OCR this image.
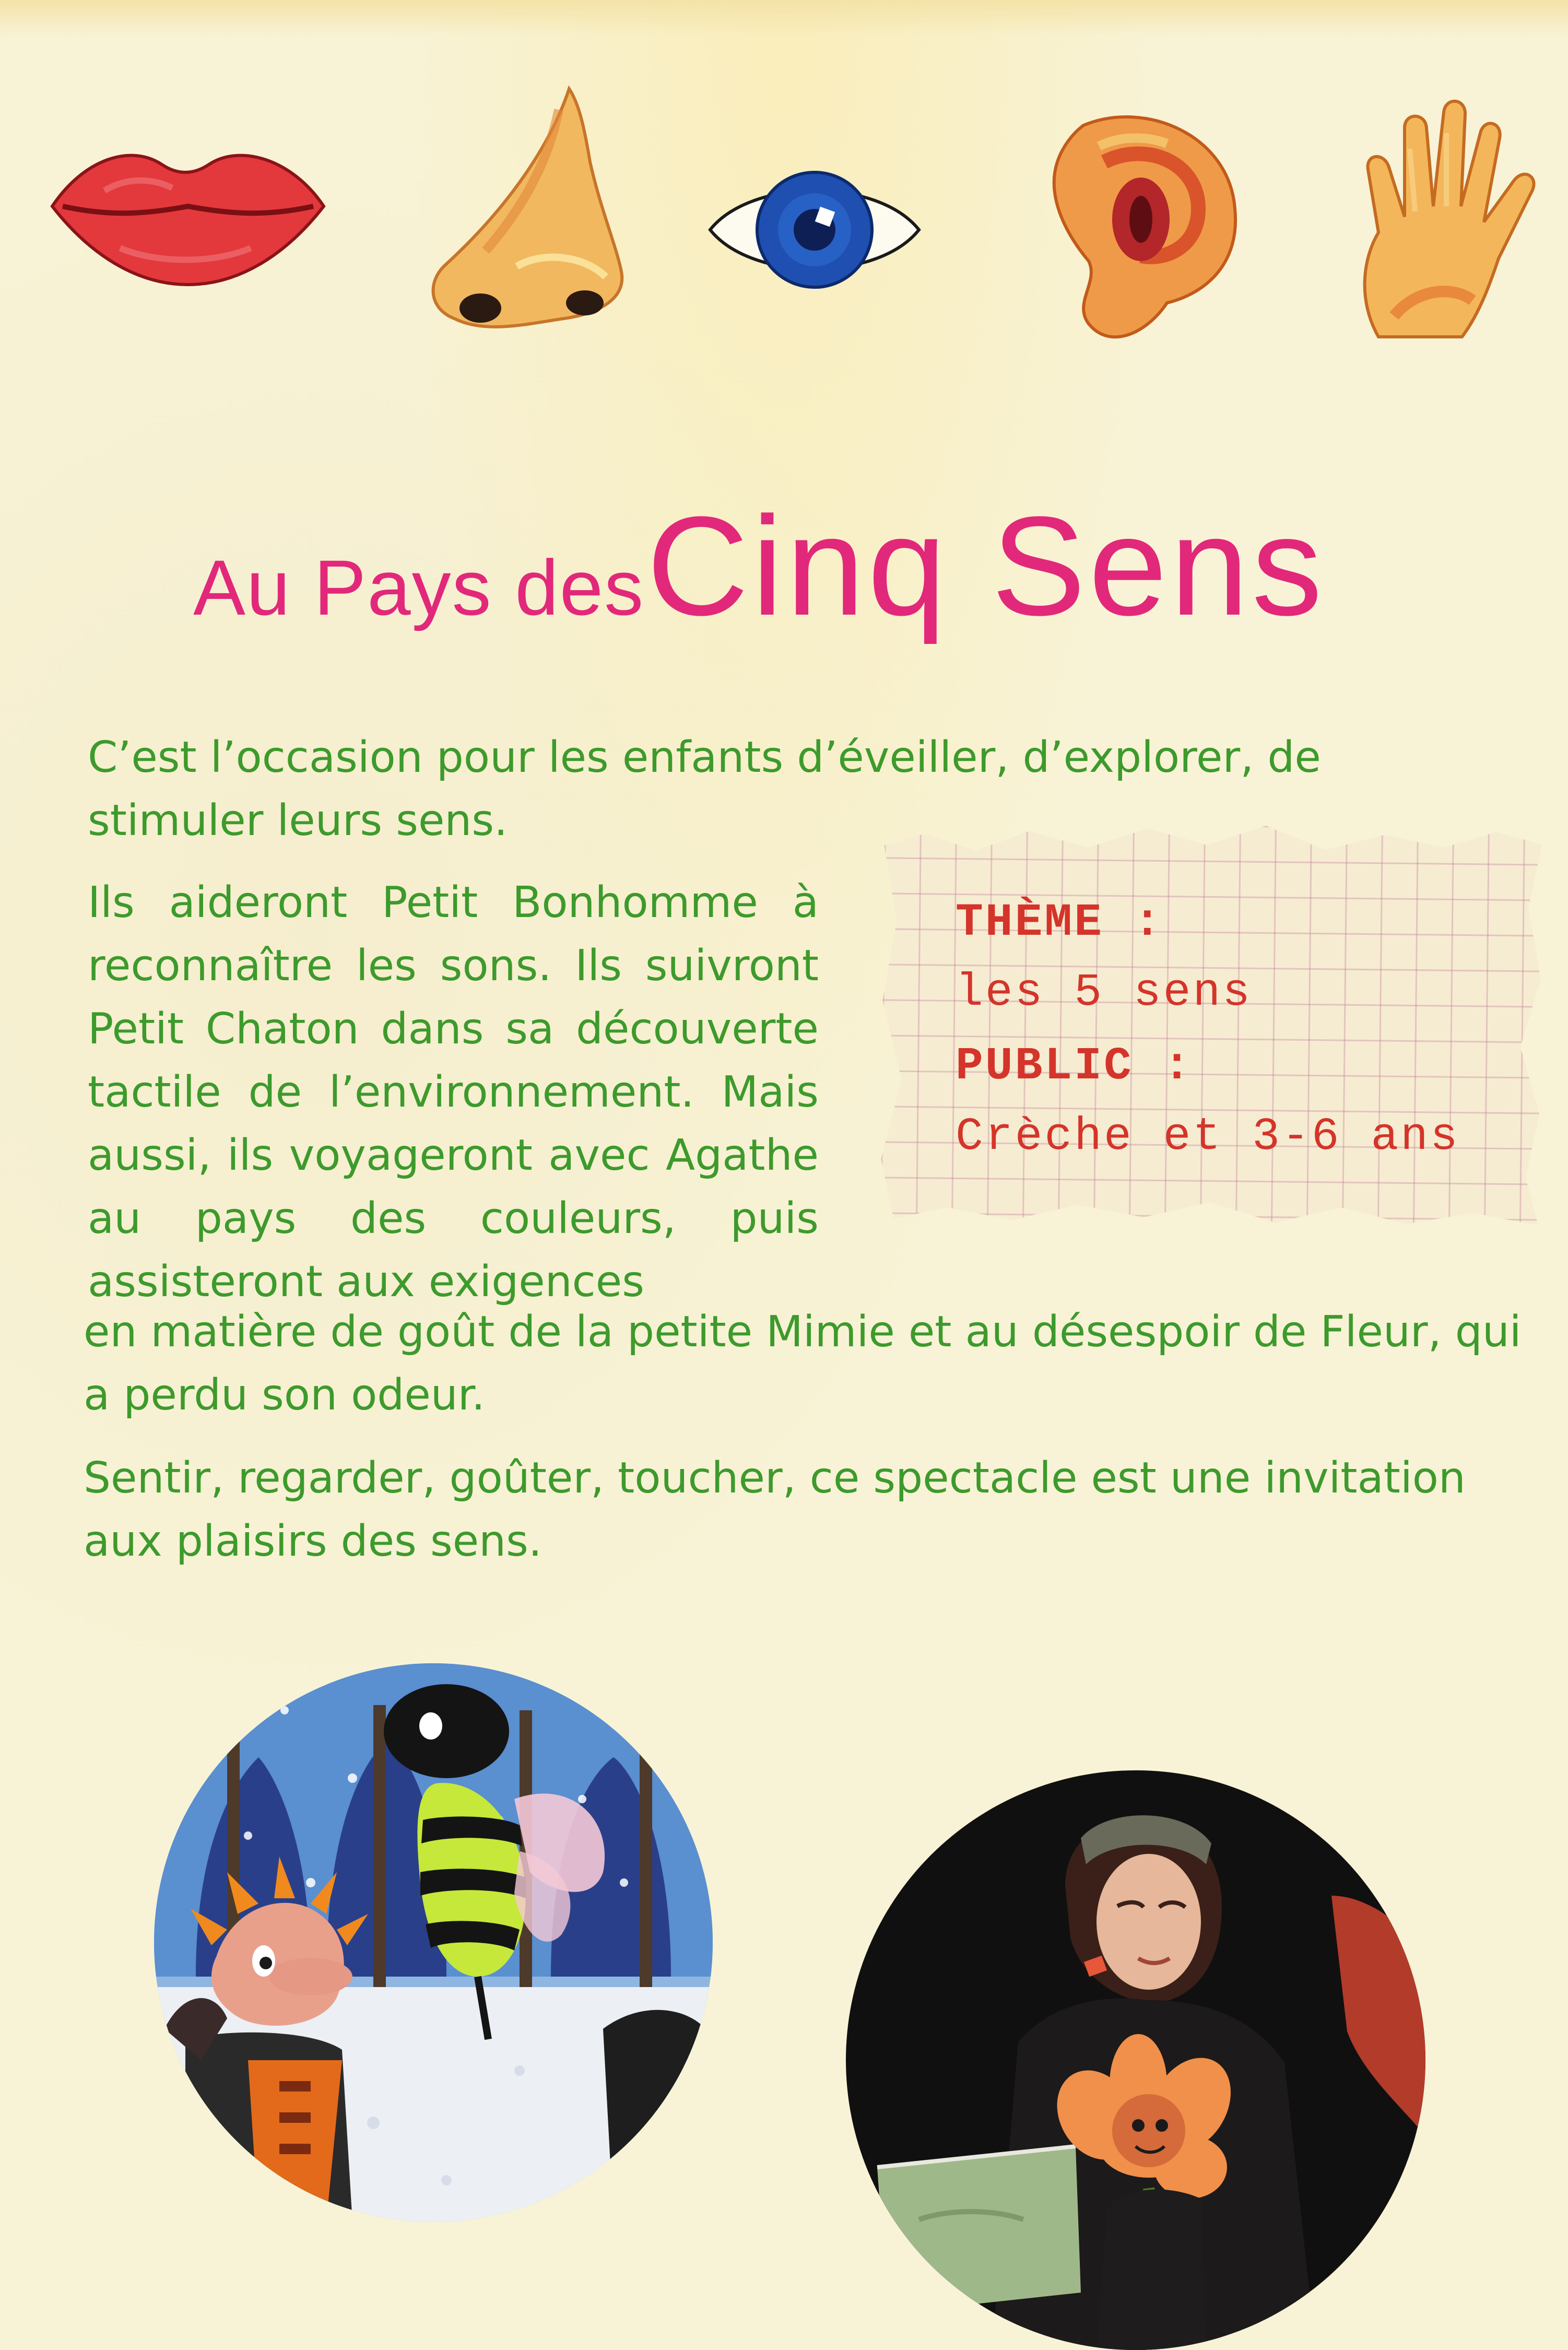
Au Pays des Cinq Sens
C’est l’occasion pour les enfants d’éveiller, d’explorer, de stimuler leurs sens.
Ils aideront Petit Bonhomme à reconnaître les sons. Ils suivront Petit Chaton dans sa découverte tactile de l’environnement. Mais aussi, ils voyageront avec Agathe au pays des couleurs, puis assisteront aux exigences
en matière de goût de la petite Mimie et au désespoir de Fleur, qui a perdu son odeur.
Sentir, regarder, goûter, toucher, ce spectacle est une invitation aux plaisirs des sens.
THÈME :
les 5 sens
PUBLIC :
Crèche et 3-6 ans
